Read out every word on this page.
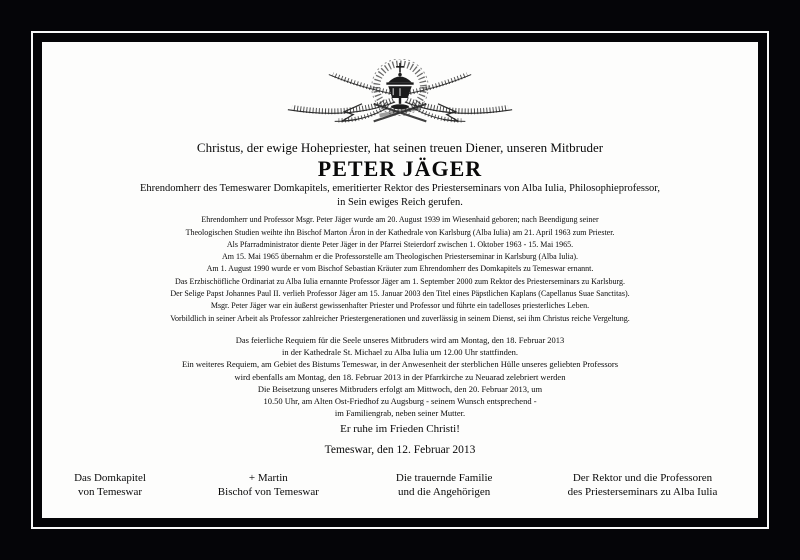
Christus, der ewige Hohepriester, hat seinen treuen Diener, unseren Mitbruder
PETER JÄGER
Ehrendomherr des Temeswarer Domkapitels, emeritierter Rektor des Priesterseminars von Alba Iulia, Philosophieprofessor,
in Sein ewiges Reich gerufen.
Ehrendomherr und Professor Msgr. Peter Jäger wurde am 20. August 1939 im Wiesenhaid geboren; nach Beendigung seiner
Theologischen Studien weihte ihn Bischof Marton Áron in der Kathedrale von Karlsburg (Alba Iulia) am 21. April 1963 zum Priester.
Als Pfarradministrator diente Peter Jäger in der Pfarrei Steierdorf zwischen 1. Oktober 1963 - 15. Mai 1965.
Am 15. Mai 1965 übernahm er die Professorstelle am Theologischen Priesterseminar in Karlsburg (Alba Iulia).
Am 1. August 1990 wurde er vom Bischof Sebastian Kräuter zum Ehrendomherr des Domkapitels zu Temeswar ernannt.
Das Erzbischöfliche Ordinariat zu Alba Iulia ernannte Professor Jäger am 1. September 2000 zum Rektor des Priesterseminars zu Karlsburg.
Der Selige Papst Johannes Paul II. verlieh Professor Jäger am 15. Januar 2003 den Titel eines Päpstlichen Kaplans (Capellanus Suae Sanctitas).
Msgr. Peter Jäger war ein äußerst gewissenhafter Priester und Professor und führte ein tadelloses priesterliches Leben.
Vorbildlich in seiner Arbeit als Professor zahlreicher Priestergenerationen und zuverlässig in seinem Dienst, sei ihm Christus reiche Vergeltung.
Das feierliche Requiem für die Seele unseres Mitbruders wird am Montag, den 18. Februar 2013
in der Kathedrale St. Michael zu Alba Iulia um 12.00 Uhr stattfinden.
Ein weiteres Requiem, am Gebiet des Bistums Temeswar, in der Anwesenheit der sterblichen Hülle unseres geliebten Professors
wird ebenfalls am Montag, den 18. Februar 2013 in der Pfarrkirche zu Neuarad zelebriert werden
Die Beisetzung unseres Mitbruders erfolgt am Mittwoch, den 20. Februar 2013, um
10.50 Uhr, am Alten Ost-Friedhof zu Augsburg - seinem Wunsch entsprechend -
im Familiengrab, neben seiner Mutter.
Er ruhe im Frieden Christi!
Temeswar, den 12. Februar 2013
Das Domkapitel
von Temeswar
+ Martin
Bischof von Temeswar
Die trauernde Familie
und die Angehörigen
Der Rektor und die Professoren
des Priesterseminars zu Alba Iulia
